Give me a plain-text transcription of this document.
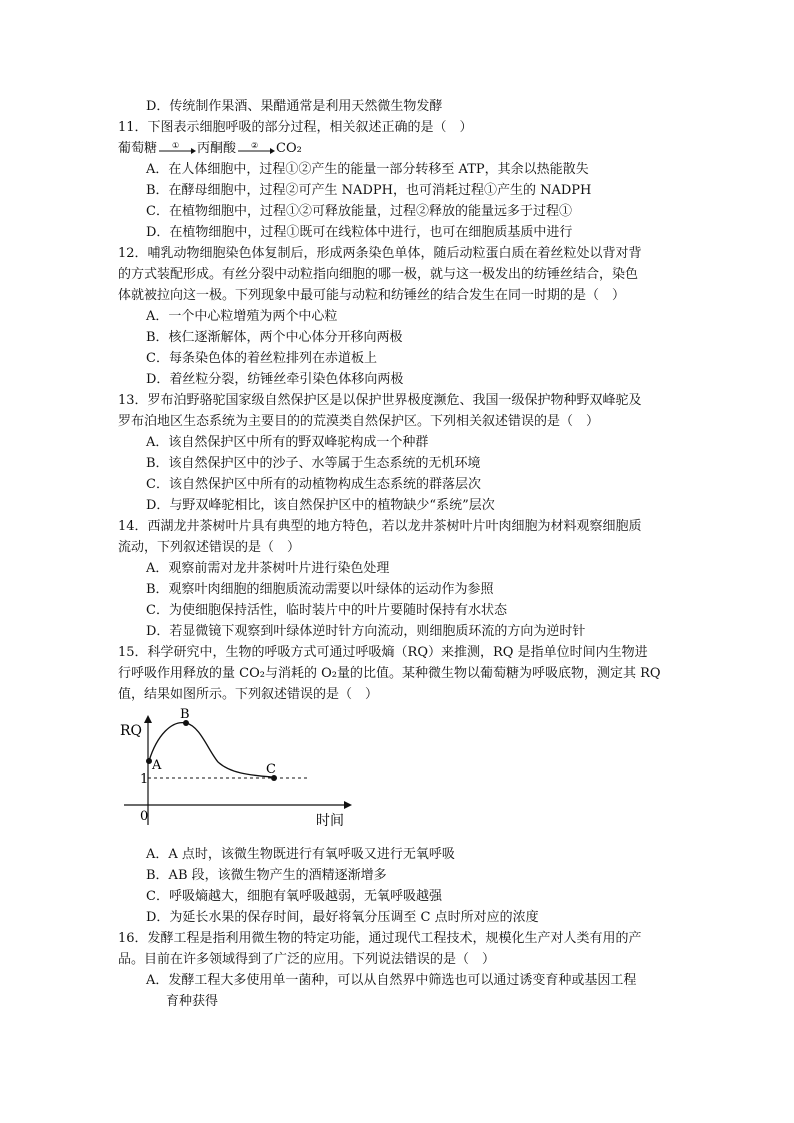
D．传统制作果酒、果醋通常是利用天然微生物发酵
11．下图表示细胞呼吸的部分过程，相关叙述正确的是（　）
A．在人体细胞中，过程①②产生的能量一部分转移至 ATP，其余以热能散失
B．在酵母细胞中，过程②可产生 NADPH，也可消耗过程①产生的 NADPH
C．在植物细胞中，过程①②可释放能量，过程②释放的能量远多于过程①
D．在植物细胞中，过程①既可在线粒体中进行，也可在细胞质基质中进行
12．哺乳动物细胞染色体复制后，形成两条染色单体，随后动粒蛋白质在着丝粒处以背对背
的方式装配形成。有丝分裂中动粒指向细胞的哪一极，就与这一极发出的纺锤丝结合，染色
体就被拉向这一极。下列现象中最可能与动粒和纺锤丝的结合发生在同一时期的是（　）
A．一个中心粒增殖为两个中心粒
B．核仁逐渐解体，两个中心体分开移向两极
C．每条染色体的着丝粒排列在赤道板上
D．着丝粒分裂，纺锤丝牵引染色体移向两极
13．罗布泊野骆驼国家级自然保护区是以保护世界极度濒危、我国一级保护物种野双峰驼及
罗布泊地区生态系统为主要目的的荒漠类自然保护区。下列相关叙述错误的是（　）
A．该自然保护区中所有的野双峰驼构成一个种群
B．该自然保护区中的沙子、水等属于生态系统的无机环境
C．该自然保护区中所有的动植物构成生态系统的群落层次
D．与野双峰驼相比，该自然保护区中的植物缺少“系统”层次
14．西湖龙井茶树叶片具有典型的地方特色，若以龙井茶树叶片叶肉细胞为材料观察细胞质
流动，下列叙述错误的是（　）
A．观察前需对龙井茶树叶片进行染色处理
B．观察叶肉细胞的细胞质流动需要以叶绿体的运动作为参照
C．为使细胞保持活性，临时装片中的叶片要随时保持有水状态
D．若显微镜下观察到叶绿体逆时针方向流动，则细胞质环流的方向为逆时针
15．科学研究中，生物的呼吸方式可通过呼吸熵（RQ）来推测，RQ 是指单位时间内生物进
行呼吸作用释放的量 CO₂与消耗的 O₂量的比值。某种微生物以葡萄糖为呼吸底物，测定其 RQ
值，结果如图所示。下列叙述错误的是（　）
A．A 点时，该微生物既进行有氧呼吸又进行无氧呼吸
B．AB 段，该微生物产生的酒精逐渐增多
C．呼吸熵越大，细胞有氧呼吸越弱，无氧呼吸越强
D．为延长水果的保存时间，最好将氧分压调至 C 点时所对应的浓度
16．发酵工程是指利用微生物的特定功能，通过现代工程技术，规模化生产对人类有用的产
品。目前在许多领域得到了广泛的应用。下列说法错误的是（　）
A．发酵工程大多使用单一菌种，可以从自然界中筛选也可以通过诱变育种或基因工程
育种获得
葡萄糖 ① 丙酮酸 ② CO₂
RQ
时间
0
1
A
B
C
